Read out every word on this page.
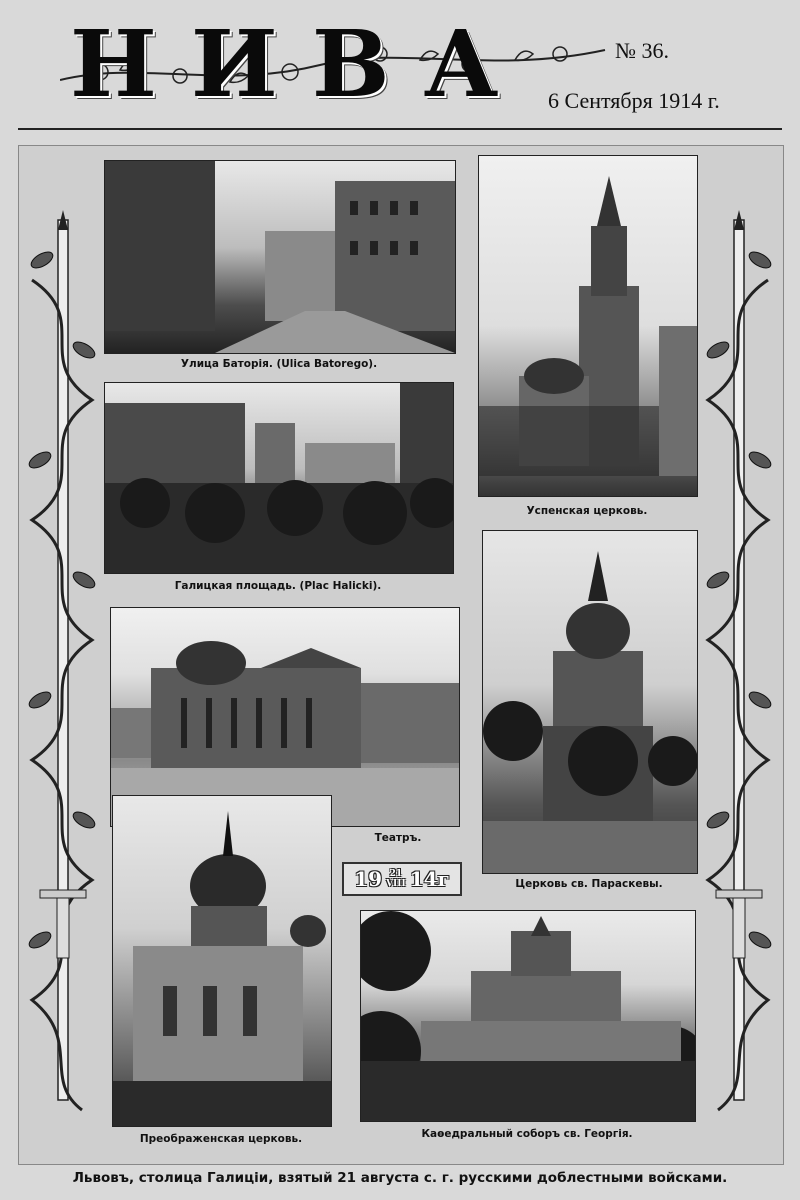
НИВА	№ 36.
6 Сентября 1914 г.
Улица Баторія. (Ulica Batorego).
Успенская церковь.
Галицкая площадь. (Plac Halicki).
Церковь св. Параскевы.
Театръ.
19 21
VIII 14г
Преображенская церковь.	Каѳедральный соборъ св. Георгія.
Львовъ, столица Галиціи, взятый 21 августа с. г. русскими доблестными войсками.
